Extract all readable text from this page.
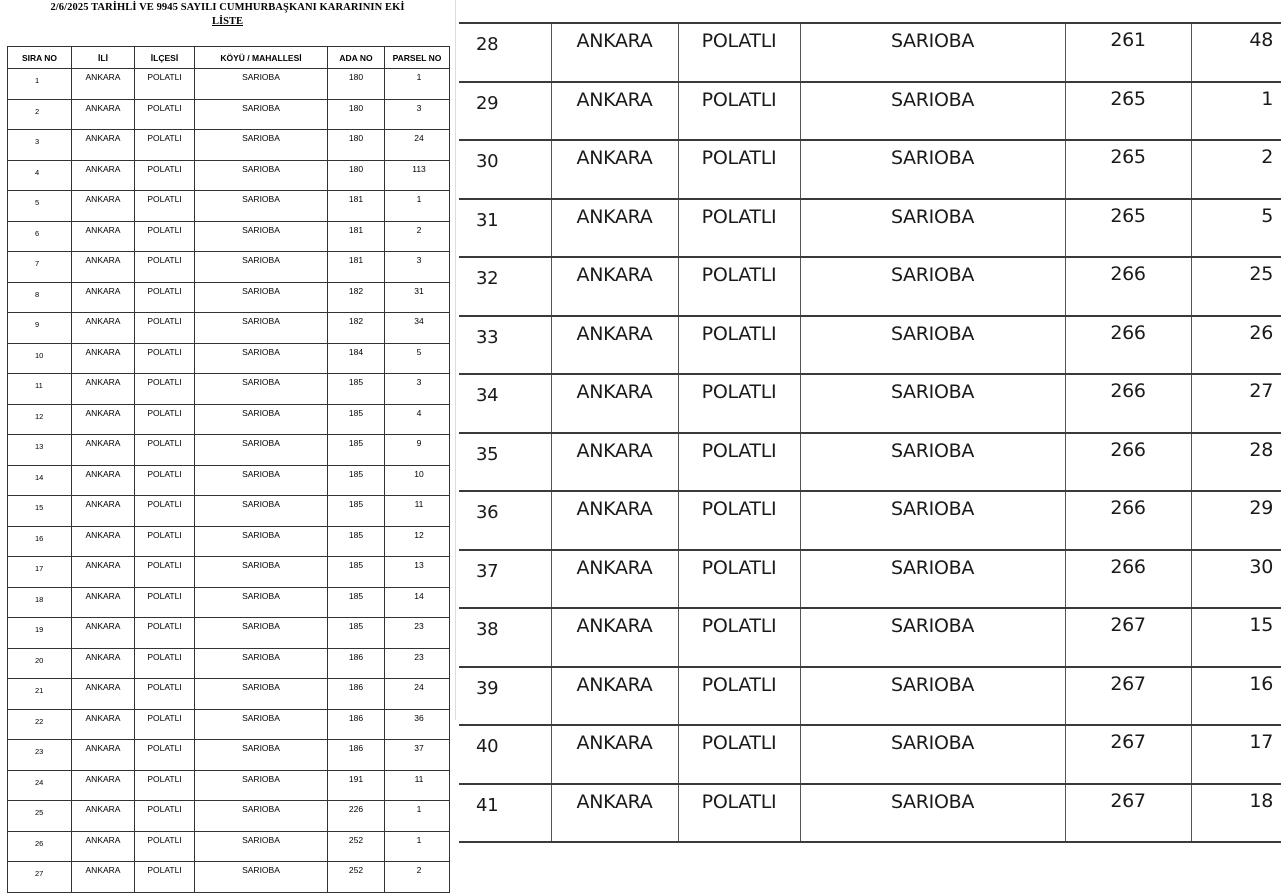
2/6/2025 TARİHLİ VE 9945 SAYILI CUMHURBAŞKANI KARARININ EKİ
LİSTE
SIRA NO	İLİ	İLÇESİ	KÖYÜ / MAHALLESİ	ADA NO	PARSEL NO
1	ANKARA	POLATLI	SARIOBA	180	1
2	ANKARA	POLATLI	SARIOBA	180	3
3	ANKARA	POLATLI	SARIOBA	180	24
4	ANKARA	POLATLI	SARIOBA	180	113
5	ANKARA	POLATLI	SARIOBA	181	1
6	ANKARA	POLATLI	SARIOBA	181	2
7	ANKARA	POLATLI	SARIOBA	181	3
8	ANKARA	POLATLI	SARIOBA	182	31
9	ANKARA	POLATLI	SARIOBA	182	34
10	ANKARA	POLATLI	SARIOBA	184	5
11	ANKARA	POLATLI	SARIOBA	185	3
12	ANKARA	POLATLI	SARIOBA	185	4
13	ANKARA	POLATLI	SARIOBA	185	9
14	ANKARA	POLATLI	SARIOBA	185	10
15	ANKARA	POLATLI	SARIOBA	185	11
16	ANKARA	POLATLI	SARIOBA	185	12
17	ANKARA	POLATLI	SARIOBA	185	13
18	ANKARA	POLATLI	SARIOBA	185	14
19	ANKARA	POLATLI	SARIOBA	185	23
20	ANKARA	POLATLI	SARIOBA	186	23
21	ANKARA	POLATLI	SARIOBA	186	24
22	ANKARA	POLATLI	SARIOBA	186	36
23	ANKARA	POLATLI	SARIOBA	186	37
24	ANKARA	POLATLI	SARIOBA	191	11
25	ANKARA	POLATLI	SARIOBA	226	1
26	ANKARA	POLATLI	SARIOBA	252	1
27	ANKARA	POLATLI	SARIOBA	252	2
28	ANKARA	POLATLI	SARIOBA	261	48
29	ANKARA	POLATLI	SARIOBA	265	1
30	ANKARA	POLATLI	SARIOBA	265	2
31	ANKARA	POLATLI	SARIOBA	265	5
32	ANKARA	POLATLI	SARIOBA	266	25
33	ANKARA	POLATLI	SARIOBA	266	26
34	ANKARA	POLATLI	SARIOBA	266	27
35	ANKARA	POLATLI	SARIOBA	266	28
36	ANKARA	POLATLI	SARIOBA	266	29
37	ANKARA	POLATLI	SARIOBA	266	30
38	ANKARA	POLATLI	SARIOBA	267	15
39	ANKARA	POLATLI	SARIOBA	267	16
40	ANKARA	POLATLI	SARIOBA	267	17
41	ANKARA	POLATLI	SARIOBA	267	18
